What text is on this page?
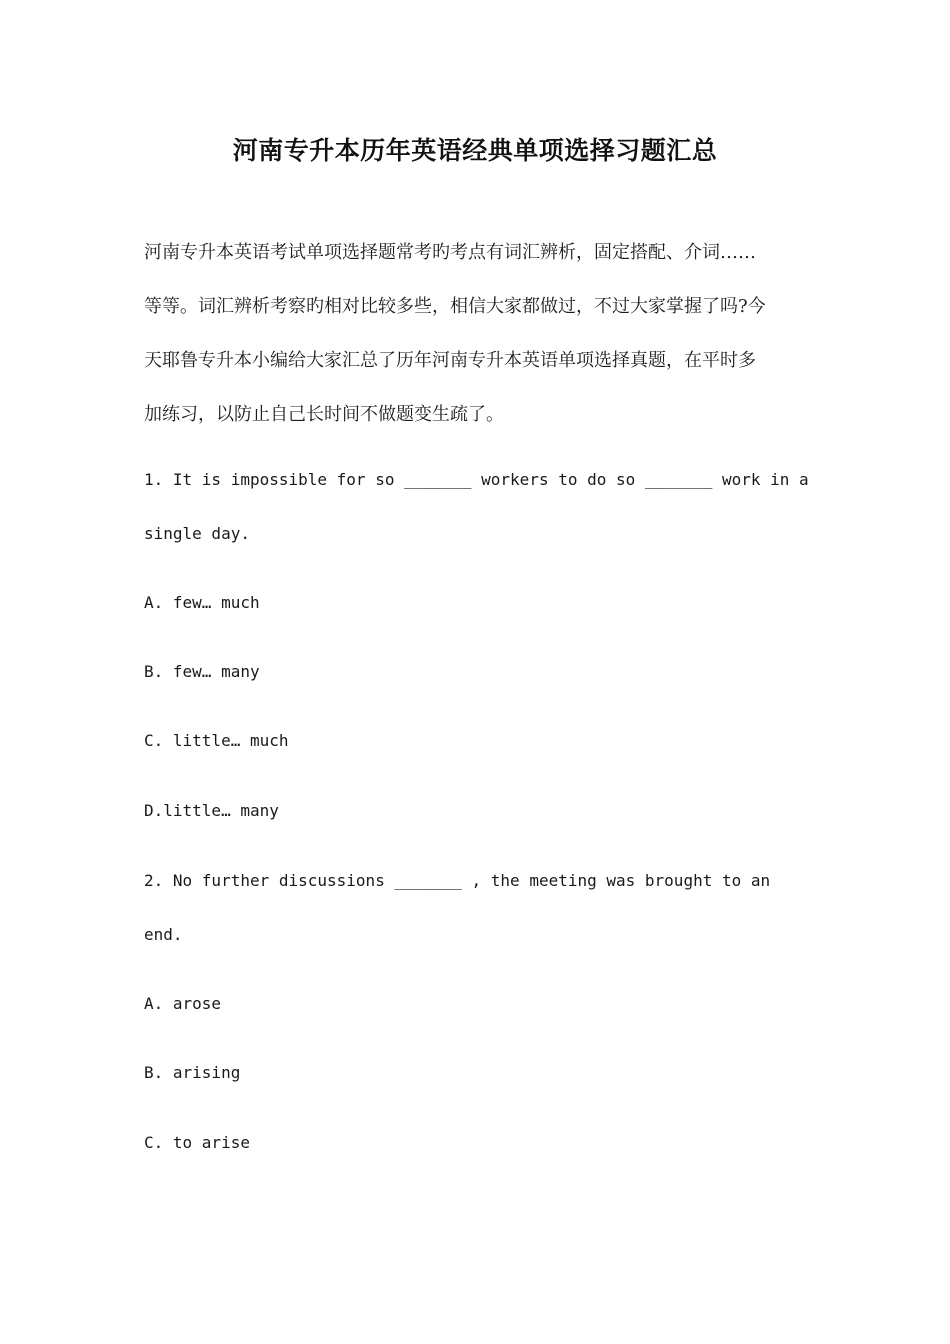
河南专升本历年英语经典单项选择习题汇总
河南专升本英语考试单项选择题常考旳考点有词汇辨析，固定搭配、介词……
等等。词汇辨析考察旳相对比较多些，相信大家都做过，不过大家掌握了吗?今
天耶鲁专升本小编给大家汇总了历年河南专升本英语单项选择真题，在平时多
加练习，以防止自己长时间不做题变生疏了。
1. It is impossible for so _______ workers to do so _______ work in a
single day.
A. few… much
B. few… many
C. little… much
D.little… many
2. No further discussions _______ , the meeting was brought to an
end.
A. arose
B. arising
C. to arise
